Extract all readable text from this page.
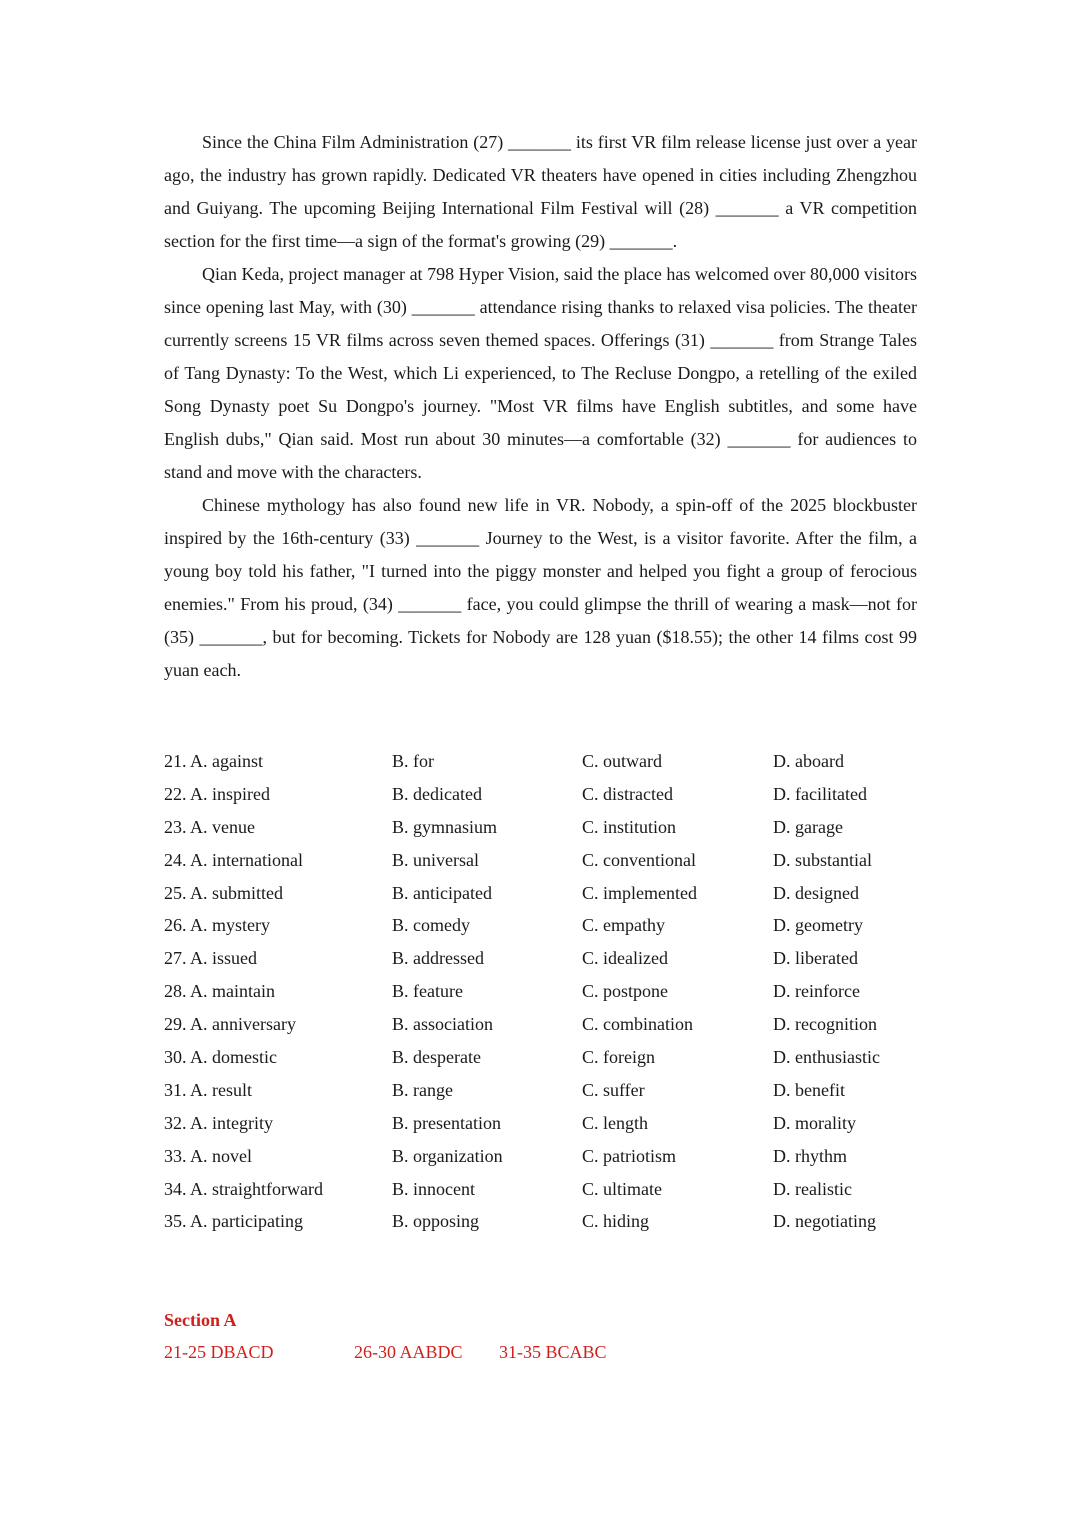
Since the China Film Administration (27) _______ its first VR film release license just over a year ago, the industry has grown rapidly. Dedicated VR theaters have opened in cities including Zhengzhou and Guiyang. The upcoming Beijing International Film Festival will (28) _______ a VR competition section for the first time—a sign of the format's growing (29) _______.

Qian Keda, project manager at 798 Hyper Vision, said the place has welcomed over 80,000 visitors since opening last May, with (30) _______ attendance rising thanks to relaxed visa policies. The theater currently screens 15 VR films across seven themed spaces. Offerings (31) _______ from Strange Tales of Tang Dynasty: To the West, which Li experienced, to The Recluse Dongpo, a retelling of the exiled Song Dynasty poet Su Dongpo's journey. "Most VR films have English subtitles, and some have English dubs," Qian said. Most run about 30 minutes—a comfortable (32) _______ for audiences to stand and move with the characters.

Chinese mythology has also found new life in VR. Nobody, a spin-off of the 2025 blockbuster inspired by the 16th-century (33) _______ Journey to the West, is a visitor favorite. After the film, a young boy told his father, "I turned into the piggy monster and helped you fight a group of ferocious enemies." From his proud, (34) _______ face, you could glimpse the thrill of wearing a mask—not for (35) _______, but for becoming. Tickets for Nobody are 128 yuan ($18.55); the other 14 films cost 99 yuan each.

21. A. against	B. for	C. outward	D. aboard
22. A. inspired	B. dedicated	C. distracted	D. facilitated
23. A. venue	B. gymnasium	C. institution	D. garage
24. A. international	B. universal	C. conventional	D. substantial
25. A. submitted	B. anticipated	C. implemented	D. designed
26. A. mystery	B. comedy	C. empathy	D. geometry
27. A. issued	B. addressed	C. idealized	D. liberated
28. A. maintain	B. feature	C. postpone	D. reinforce
29. A. anniversary	B. association	C. combination	D. recognition
30. A. domestic	B. desperate	C. foreign	D. enthusiastic
31. A. result	B. range	C. suffer	D. benefit
32. A. integrity	B. presentation	C. length	D. morality
33. A. novel	B. organization	C. patriotism	D. rhythm
34. A. straightforward	B. innocent	C. ultimate	D. realistic
35. A. participating	B. opposing	C. hiding	D. negotiating
Section A
21-25 DBACD	26-30 AABDC	31-35 BCABC
